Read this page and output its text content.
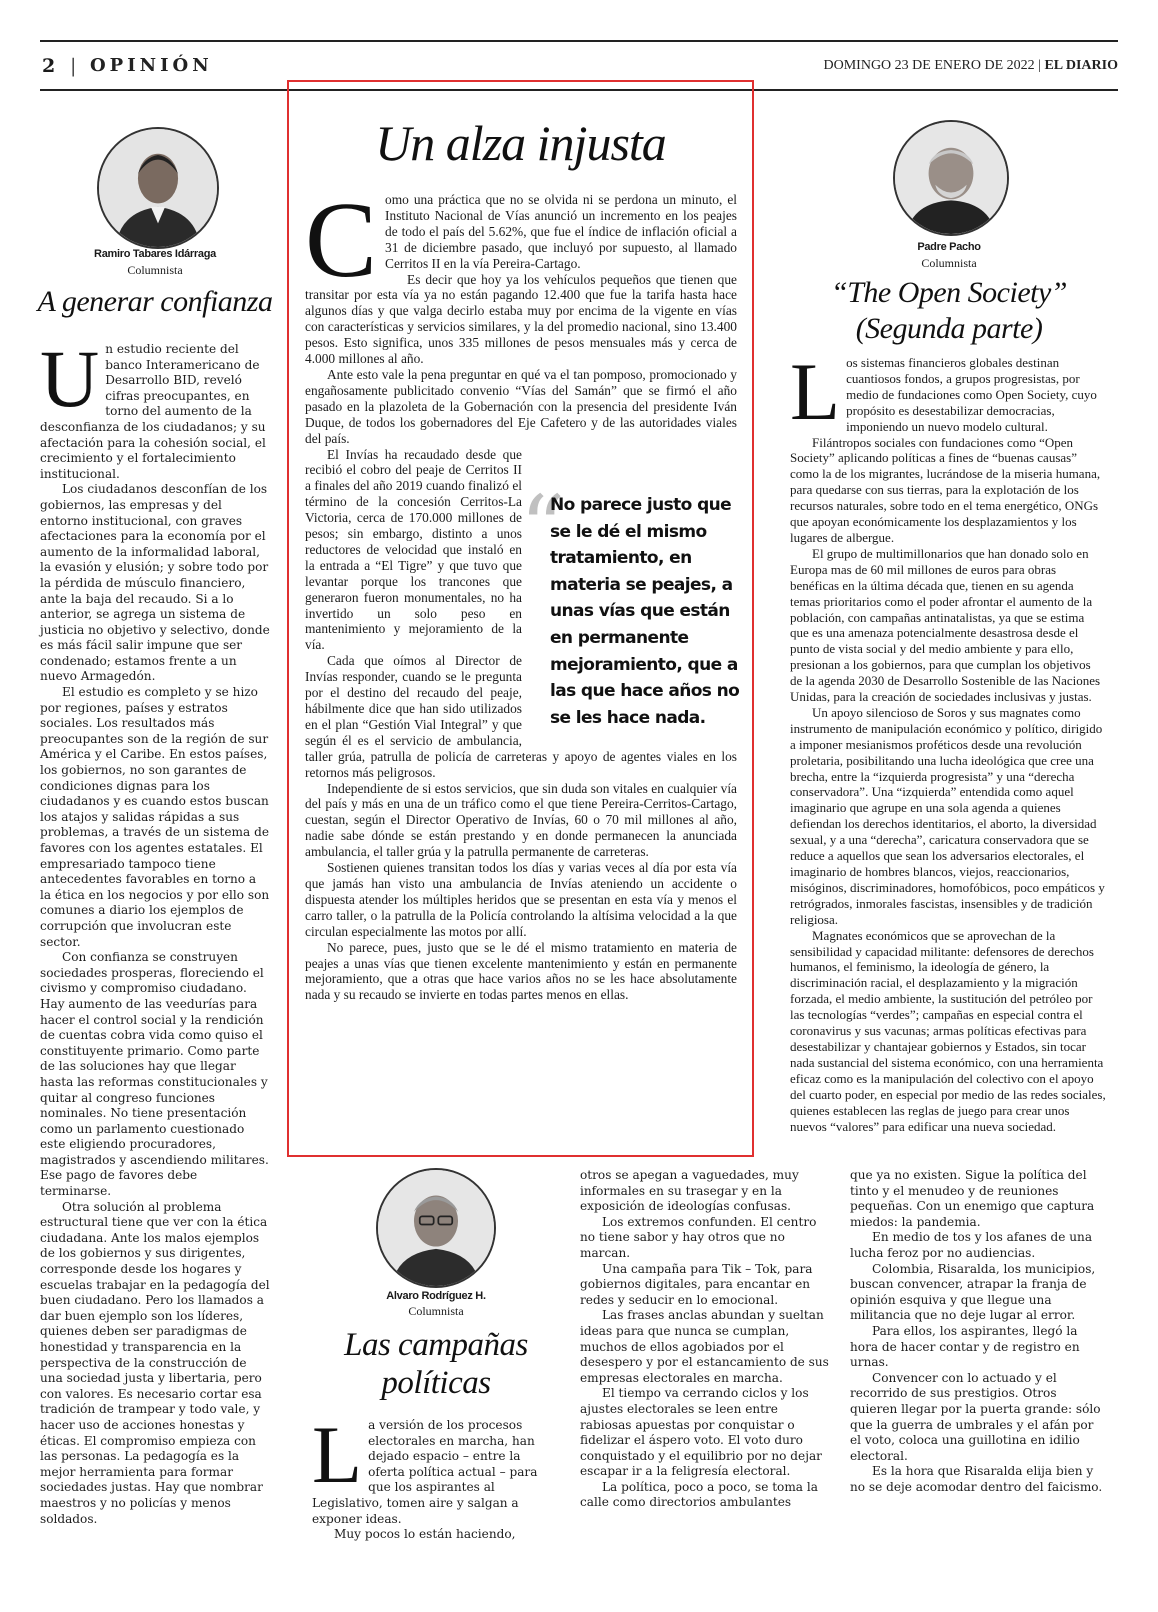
2 | OPINIÓN	DOMINGO 23 DE ENERO DE 2022 | EL DIARIO
Ramiro Tabares Idárraga
Columnista
A generar confianza

Un estudio reciente del banco Interamericano de Desarrollo BID, reveló cifras preocupantes, en torno del aumento de la desconfianza de los ciudadanos; y su afectación para la cohesión social, el crecimiento y el fortalecimiento institucional.

Los ciudadanos desconfían de los gobiernos, las empresas y del entorno institucional, con graves afectaciones para la economía por el aumento de la informalidad laboral, la evasión y elusión; y sobre todo por la pérdida de músculo financiero, ante la baja del recaudo. Si a lo anterior, se agrega un sistema de justicia no objetivo y selectivo, donde es más fácil salir impune que ser condenado; estamos frente a un nuevo Armagedón.

El estudio es completo y se hizo por regiones, países y estratos sociales. Los resultados más preocupantes son de la región de sur América y el Caribe. En estos países, los gobiernos, no son garantes de condiciones dignas para los ciudadanos y es cuando estos buscan los atajos y salidas rápidas a sus problemas, a través de un sistema de favores con los agentes estatales. El empresariado tampoco tiene antecedentes favorables en torno a la ética en los negocios y por ello son comunes a diario los ejemplos de corrupción que involucran este sector.

Con confianza se construyen sociedades prosperas, floreciendo el civismo y compromiso ciudadano. Hay aumento de las veedurías para hacer el control social y la rendición de cuentas cobra vida como quiso el constituyente primario. Como parte de las soluciones hay que llegar hasta las reformas constitucionales y quitar al congreso funciones nominales. No tiene presentación como un parlamento cuestionado este eligiendo procuradores, magistrados y ascendiendo militares. Ese pago de favores debe terminarse.

Otra solución al problema estructural tiene que ver con la ética ciudadana. Ante los malos ejemplos de los gobiernos y sus dirigentes, corresponde desde los hogares y escuelas trabajar en la pedagogía del buen ciudadano. Pero los llamados a dar buen ejemplo son los líderes, quienes deben ser paradigmas de honestidad y transparencia en la perspectiva de la construcción de una sociedad justa y libertaria, pero con valores. Es necesario cortar esa tradición de trampear y todo vale, y hacer uso de acciones honestas y éticas. El compromiso empieza con las personas. La pedagogía es la mejor herramienta para formar sociedades justas. Hay que nombrar maestros y no policías y menos soldados.

Un alza injusta

Como una práctica que no se olvida ni se perdona un minuto, el Instituto Nacional de Vías anunció un incremento en los peajes de todo el país del 5.62%, que fue el índice de inflación oficial a 31 de diciembre pasado, que incluyó por supuesto, al llamado Cerritos II en la vía Pereira-Cartago.

Es decir que hoy ya los vehículos pequeños que tienen que transitar por esta vía ya no están pagando 12.400 que fue la tarifa hasta hace algunos días y que valga decirlo estaba muy por encima de la vigente en vías con características y servicios similares, y la del promedio nacional, sino 13.400 pesos. Esto significa, unos 335 millones de pesos mensuales más y cerca de 4.000 millones al año.

Ante esto vale la pena preguntar en qué va el tan pomposo, promocionado y engañosamente publicitado convenio “Vías del Samán” que se firmó el año pasado en la plazoleta de la Gobernación con la presencia del presidente Iván Duque, de todos los gobernadores del Eje Cafetero y de las autoridades viales del país.

El Invías ha recaudado desde que recibió el cobro del peaje de Cerritos II a finales del año 2019 cuando finalizó el término de la concesión Cerritos-La Victoria, cerca de 170.000 millones de pesos; sin embargo, distinto a unos reductores de velocidad que instaló en la entrada a “El Tigre” y que tuvo que levantar porque los trancones que generaron fueron monumentales, no ha invertido un solo peso en mantenimiento y mejoramiento de la vía.

Cada que oímos al Director de Invías responder, cuando se le pregunta por el destino del recaudo del peaje, hábilmente dice que han sido utilizados en el plan “Gestión Vial Integral” y que según él es el servicio de ambulancia, taller grúa, patrulla de policía de carreteras y apoyo de agentes viales en los retornos más peligrosos.

Independiente de si estos servicios, que sin duda son vitales en cualquier vía del país y más en una de un tráfico como el que tiene Pereira-Cerritos-Cartago, cuestan, según el Director Operativo de Invías, 60 o 70 mil millones al año, nadie sabe dónde se están prestando y en donde permanecen la anunciada ambulancia, el taller grúa y la patrulla permanente de carreteras.

Sostienen quienes transitan todos los días y varias veces al día por esta vía que jamás han visto una ambulancia de Invías ateniendo un accidente o dispuesta atender los múltiples heridos que se presentan en esta vía y menos el carro taller, o la patrulla de la Policía controlando la altísima velocidad a la que circulan especialmente las motos por allí.

No parece, pues, justo que se le dé el mismo tratamiento en materia de peajes a unas vías que tienen excelente mantenimiento y están en permanente mejoramiento, que a otras que hace varios años no se les hace absolutamente nada y su recaudo se invierte en todas partes menos en ellas.

“
No parece justo que se le dé el mismo tratamiento, en materia se peajes, a unas vías que están en permanente mejoramiento, que a las que hace años no se les hace nada.
Padre Pacho
Columnista
“The Open Society”
(Segunda parte)

Los sistemas financieros globales destinan cuantiosos fondos, a grupos progresistas, por medio de fundaciones como Open Society, cuyo propósito es desestabilizar democracias, imponiendo un nuevo modelo cultural.

Filántropos sociales con fundaciones como “Open Society” aplicando políticas a fines de “buenas causas” como la de los migrantes, lucrándose de la miseria humana, para quedarse con sus tierras, para la explotación de los recursos naturales, sobre todo en el tema energético, ONGs que apoyan económicamente los desplazamientos y los lugares de albergue.

El grupo de multimillonarios que han donado solo en Europa mas de 60 mil millones de euros para obras benéficas en la última década que, tienen en su agenda temas prioritarios como el poder afrontar el aumento de la población, con campañas antinatalistas, ya que se estima que es una amenaza potencialmente desastrosa desde el punto de vista social y del medio ambiente y para ello, presionan a los gobiernos, para que cumplan los objetivos de la agenda 2030 de Desarrollo Sostenible de las Naciones Unidas, para la creación de sociedades inclusivas y justas.

Un apoyo silencioso de Soros y sus magnates como instrumento de manipulación económico y político, dirigido a imponer mesianismos proféticos desde una revolución proletaria, posibilitando una lucha ideológica que cree una brecha, entre la “izquierda progresista” y una “derecha conservadora”. Una “izquierda” entendida como aquel imaginario que agrupe en una sola agenda a quienes defiendan los derechos identitarios, el aborto, la diversidad sexual, y a una “derecha”, caricatura conservadora que se reduce a aquellos que sean los adversarios electorales, el imaginario de hombres blancos, viejos, reaccionarios, misóginos, discriminadores, homofóbicos, poco empáticos y retrógrados, inmorales fascistas, insensibles y de tradición religiosa.

Magnates económicos que se aprovechan de la sensibilidad y capacidad militante: defensores de derechos humanos, el feminismo, la ideología de género, la discriminación racial, el desplazamiento y la migración forzada, el medio ambiente, la sustitución del petróleo por las tecnologías “verdes”; campañas en especial contra el coronavirus y sus vacunas; armas políticas efectivas para desestabilizar y chantajear gobiernos y Estados, sin tocar nada sustancial del sistema económico, con una herramienta eficaz como es la manipulación del colectivo con el apoyo del cuarto poder, en especial por medio de las redes sociales, quienes establecen las reglas de juego para crear unos nuevos “valores” para edificar una nueva sociedad.

Alvaro Rodríguez H.
Columnista
Las campañas
políticas

La versión de los procesos electorales en marcha, han dejado espacio – entre la oferta política actual – para que los aspirantes al Legislativo, tomen aire y salgan a exponer ideas.

Muy pocos lo están haciendo,

otros se apegan a vaguedades, muy informales en su trasegar y en la exposición de ideologías confusas.

Los extremos confunden. El centro no tiene sabor y hay otros que no marcan.

Una campaña para Tik – Tok, para gobiernos digitales, para encantar en redes y seducir en lo emocional.

Las frases anclas abundan y sueltan ideas para que nunca se cumplan, muchos de ellos agobiados por el desespero y por el estancamiento de sus empresas electorales en marcha.

El tiempo va cerrando ciclos y los ajustes electorales se leen entre rabiosas apuestas por conquistar o fidelizar el áspero voto. El voto duro conquistado y el equilibrio por no dejar escapar ir a la feligresía electoral.

La política, poco a poco, se toma la calle como directorios ambulantes

que ya no existen. Sigue la política del tinto y el menudeo y de reuniones pequeñas. Con un enemigo que captura miedos: la pandemia.

En medio de tos y los afanes de una lucha feroz por no audiencias.

Colombia, Risaralda, los municipios, buscan convencer, atrapar la franja de opinión esquiva y que llegue una militancia que no deje lugar al error.

Para ellos, los aspirantes, llegó la hora de hacer contar y de registro en urnas.

Convencer con lo actuado y el recorrido de sus prestigios. Otros quieren llegar por la puerta grande: sólo que la guerra de umbrales y el afán por el voto, coloca una guillotina en idilio electoral.

Es la hora que Risaralda elija bien y no se deje acomodar dentro del faicismo.
